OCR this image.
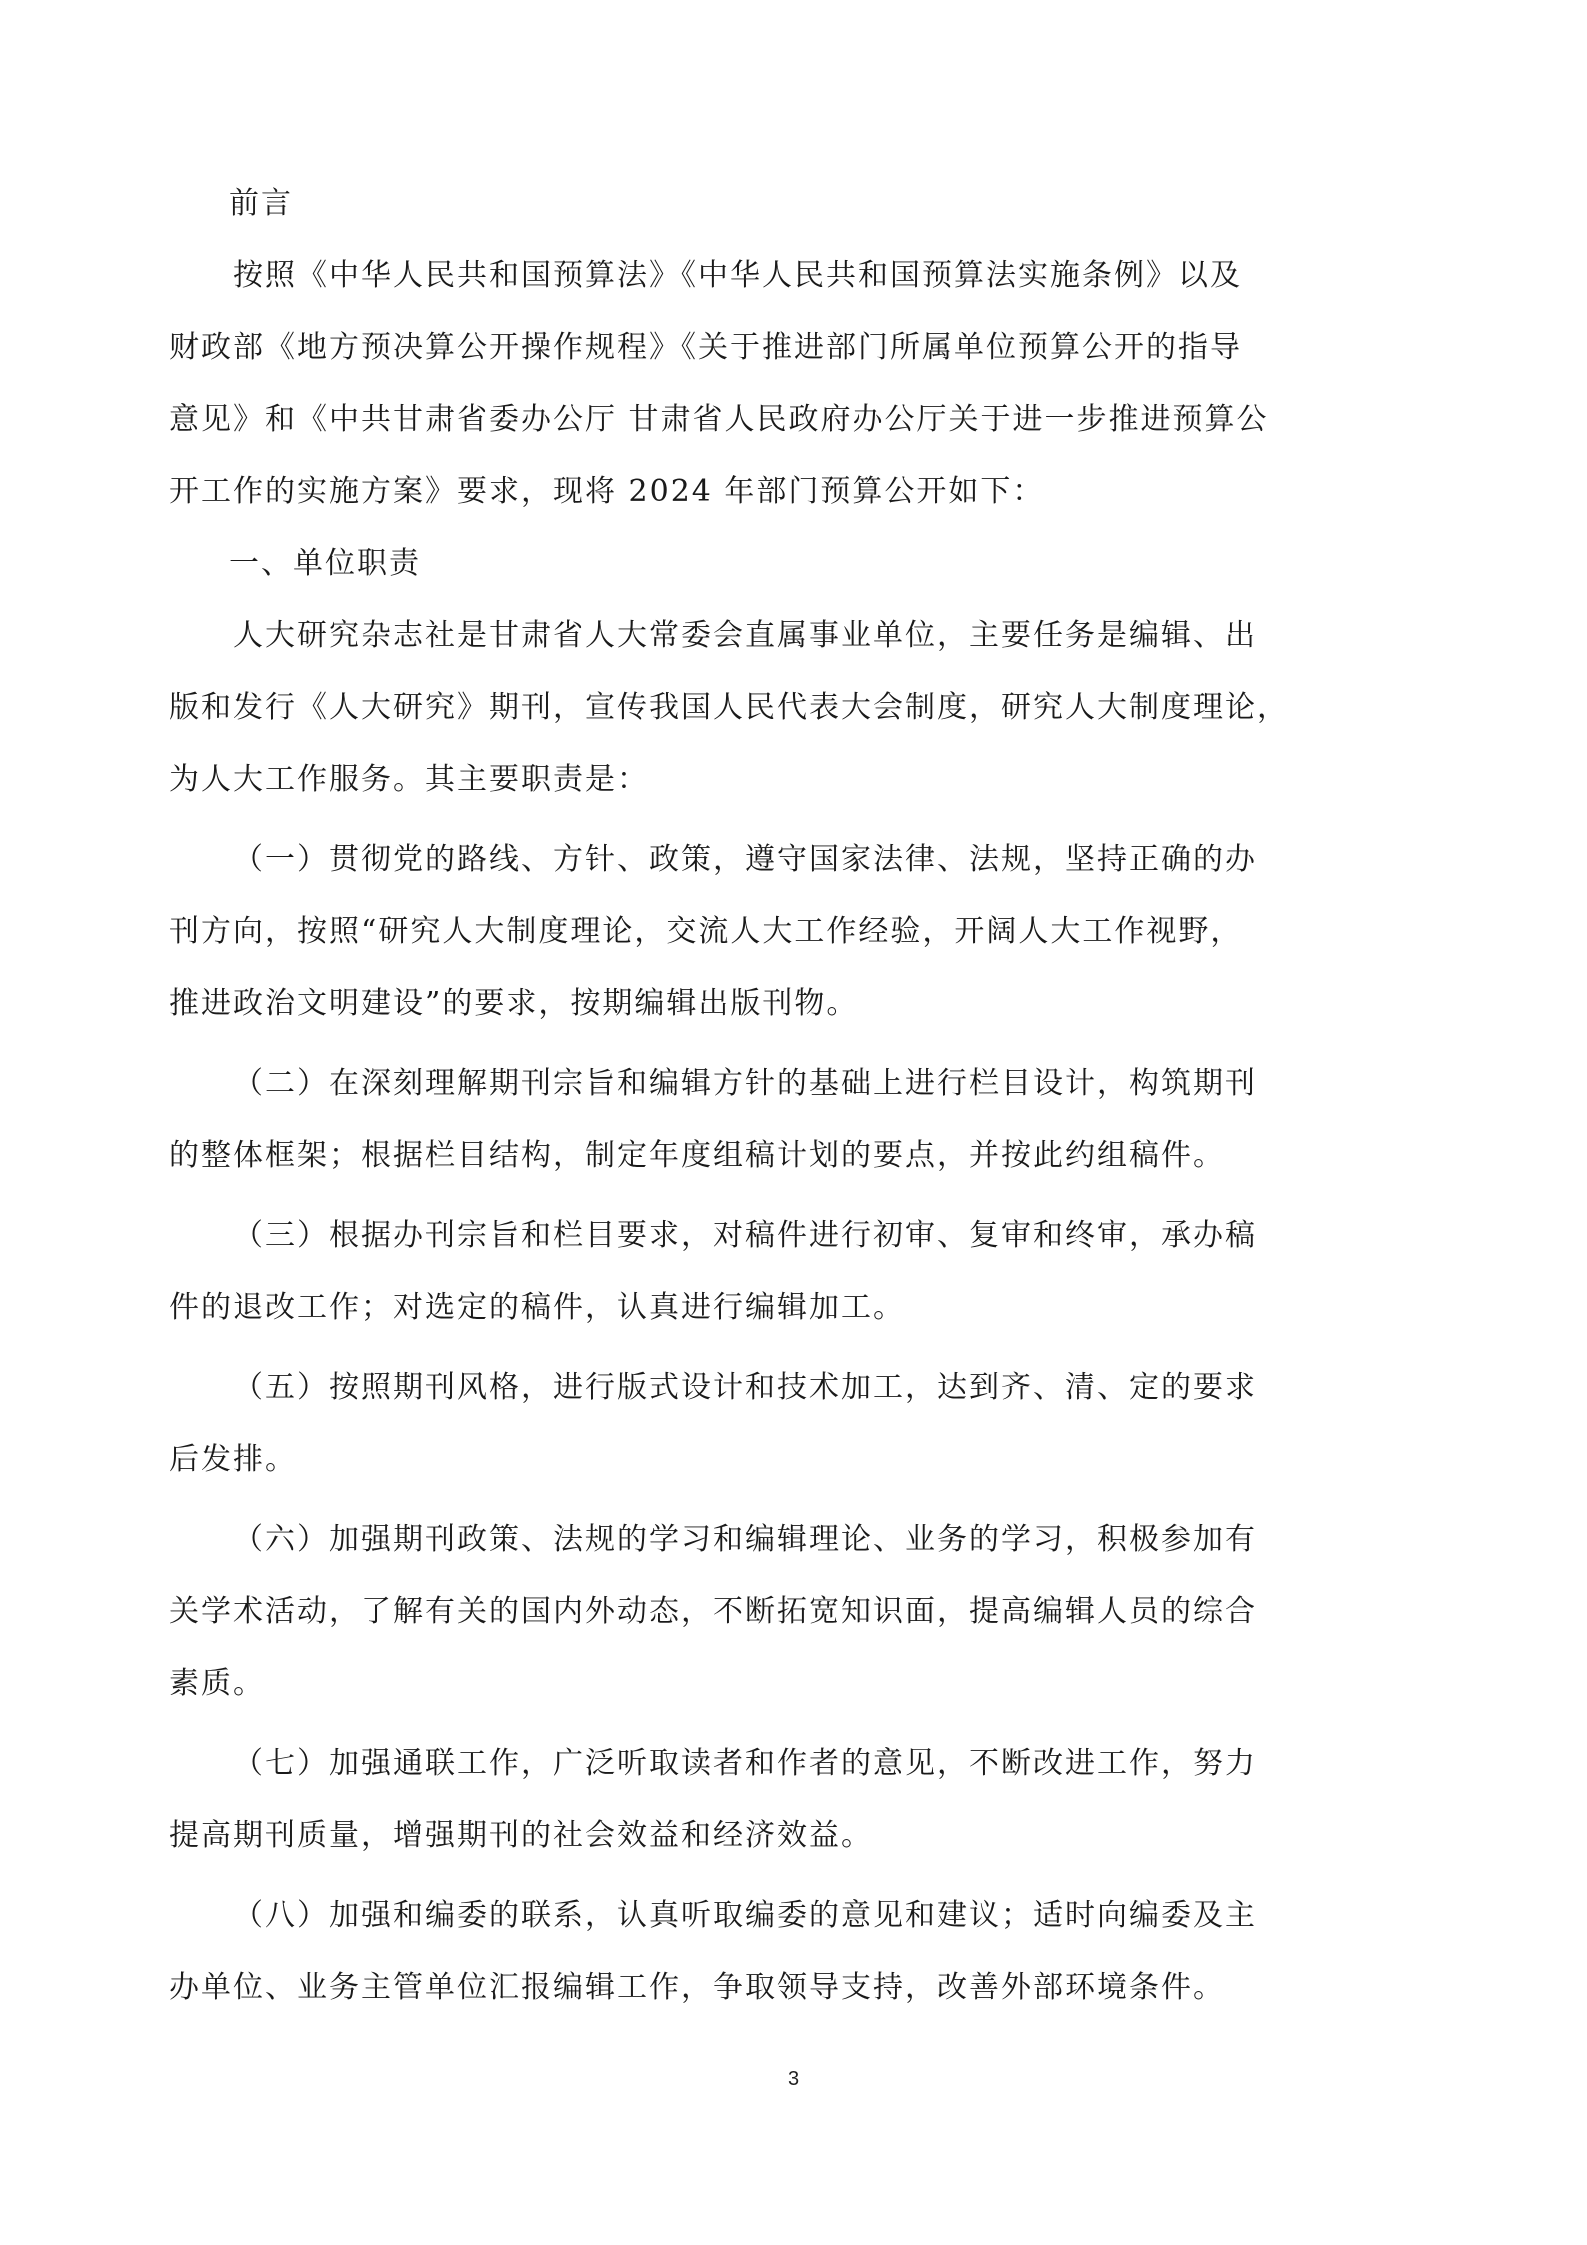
前言
按照《中华人民共和国预算法》《中华人民共和国预算法实施条例》以及
财政部《地方预决算公开操作规程》《关于推进部门所属单位预算公开的指导
意见》和《中共甘肃省委办公厅 甘肃省人民政府办公厅关于进一步推进预算公
开工作的实施方案》要求，现将 2024 年部门预算公开如下：
一、单位职责
人大研究杂志社是甘肃省人大常委会直属事业单位，主要任务是编辑、出
版和发行《人大研究》期刊，宣传我国人民代表大会制度，研究人大制度理论，
为人大工作服务。其主要职责是：
（一）贯彻党的路线、方针、政策，遵守国家法律、法规，坚持正确的办
刊方向，按照“研究人大制度理论，交流人大工作经验，开阔人大工作视野，
推进政治文明建设”的要求，按期编辑出版刊物。
（二）在深刻理解期刊宗旨和编辑方针的基础上进行栏目设计，构筑期刊
的整体框架；根据栏目结构，制定年度组稿计划的要点，并按此约组稿件。
（三）根据办刊宗旨和栏目要求，对稿件进行初审、复审和终审，承办稿
件的退改工作；对选定的稿件，认真进行编辑加工。
（五）按照期刊风格，进行版式设计和技术加工，达到齐、清、定的要求
后发排。
（六）加强期刊政策、法规的学习和编辑理论、业务的学习，积极参加有
关学术活动，了解有关的国内外动态，不断拓宽知识面，提高编辑人员的综合
素质。
（七）加强通联工作，广泛听取读者和作者的意见，不断改进工作，努力
提高期刊质量，增强期刊的社会效益和经济效益。
（八）加强和编委的联系，认真听取编委的意见和建议；适时向编委及主
办单位、业务主管单位汇报编辑工作，争取领导支持，改善外部环境条件。
3
